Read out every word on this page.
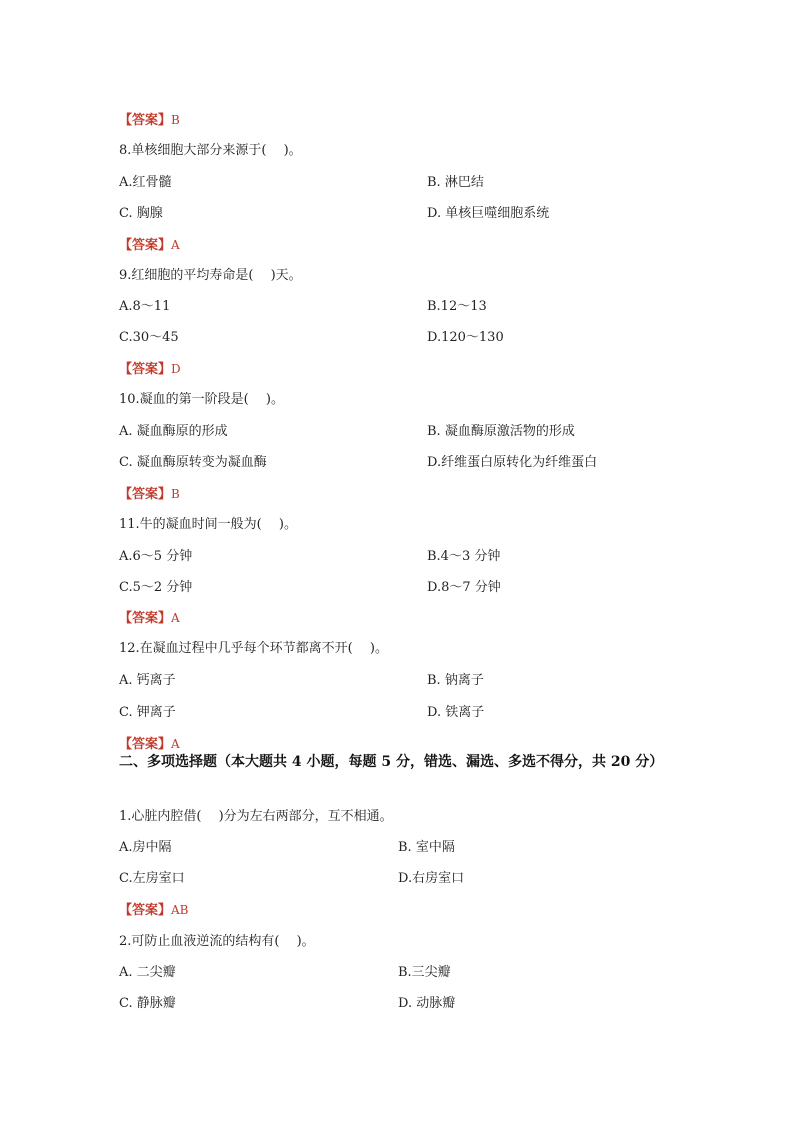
【答案】B
8.单核细胞大部分来源于(　 )。
A.红骨髓	B. 淋巴结
C. 胸腺	D. 单核巨噬细胞系统
【答案】A
9.红细胞的平均寿命是(　 )天。
A.8～11	B.12～13
C.30～45	D.120～130
【答案】D
10.凝血的第一阶段是(　 )。
A. 凝血酶原的形成	B. 凝血酶原激活物的形成
C. 凝血酶原转变为凝血酶	D.纤维蛋白原转化为纤维蛋白
【答案】B
11.牛的凝血时间一般为(　 )。
A.6～5 分钟	B.4～3 分钟
C.5～2 分钟	D.8～7 分钟
【答案】A
12.在凝血过程中几乎每个环节都离不开(　 )。
A. 钙离子	B. 钠离子
C. 钾离子	D. 铁离子
【答案】A
二、多项选择题（本大题共 4 小题，每题 5 分，错选、漏选、多选不得分，共 20 分）
1.心脏内腔借(　 )分为左右两部分，互不相通。
A.房中隔	B. 室中隔
C.左房室口	D.右房室口
【答案】AB
2.可防止血液逆流的结构有(　 )。
A. 二尖瓣	B.三尖瓣
C. 静脉瓣	D. 动脉瓣
